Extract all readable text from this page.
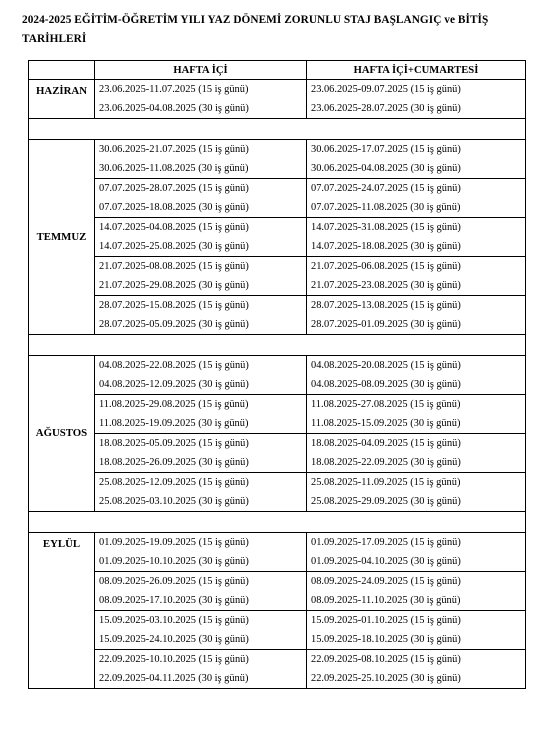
2024-2025 EĞİTİM-ÖĞRETİM YILI YAZ DÖNEMİ ZORUNLU STAJ BAŞLANGIÇ ve BİTİŞ TARİHLERİ
	HAFTA İÇİ	HAFTA İÇİ+CUMARTESİ
HAZİRAN	23.06.2025-11.07.2025 (15 iş günü)	23.06.2025-09.07.2025 (15 iş günü)
	23.06.2025-04.08.2025 (30 iş günü)	23.06.2025-28.07.2025 (30 iş günü)

TEMMUZ	30.06.2025-21.07.2025 (15 iş günü)	30.06.2025-17.07.2025 (15 iş günü)
	30.06.2025-11.08.2025 (30 iş günü)	30.06.2025-04.08.2025 (30 iş günü)
	07.07.2025-28.07.2025 (15 iş günü)	07.07.2025-24.07.2025 (15 iş günü)
	07.07.2025-18.08.2025 (30 iş günü)	07.07.2025-11.08.2025 (30 iş günü)
	14.07.2025-04.08.2025 (15 iş günü)	14.07.2025-31.08.2025 (15 iş günü)
	14.07.2025-25.08.2025 (30 iş günü)	14.07.2025-18.08.2025 (30 iş günü)
	21.07.2025-08.08.2025 (15 iş günü)	21.07.2025-06.08.2025 (15 iş günü)
	21.07.2025-29.08.2025 (30 iş günü)	21.07.2025-23.08.2025 (30 iş günü)
	28.07.2025-15.08.2025 (15 iş günü)	28.07.2025-13.08.2025 (15 iş günü)
	28.07.2025-05.09.2025 (30 iş günü)	28.07.2025-01.09.2025 (30 iş günü)

AĞUSTOS	04.08.2025-22.08.2025 (15 iş günü)	04.08.2025-20.08.2025 (15 iş günü)
	04.08.2025-12.09.2025 (30 iş günü)	04.08.2025-08.09.2025 (30 iş günü)
	11.08.2025-29.08.2025 (15 iş günü)	11.08.2025-27.08.2025 (15 iş günü)
	11.08.2025-19.09.2025 (30 iş günü)	11.08.2025-15.09.2025 (30 iş günü)
	18.08.2025-05.09.2025 (15 iş günü)	18.08.2025-04.09.2025 (15 iş günü)
	18.08.2025-26.09.2025 (30 iş günü)	18.08.2025-22.09.2025 (30 iş günü)
	25.08.2025-12.09.2025 (15 iş günü)	25.08.2025-11.09.2025 (15 iş günü)
	25.08.2025-03.10.2025 (30 iş günü)	25.08.2025-29.09.2025 (30 iş günü)

EYLÜL	01.09.2025-19.09.2025 (15 iş günü)	01.09.2025-17.09.2025 (15 iş günü)
	01.09.2025-10.10.2025 (30 iş günü)	01.09.2025-04.10.2025 (30 iş günü)
	08.09.2025-26.09.2025 (15 iş günü)	08.09.2025-24.09.2025 (15 iş günü)
	08.09.2025-17.10.2025 (30 iş günü)	08.09.2025-11.10.2025 (30 iş günü)
	15.09.2025-03.10.2025 (15 iş günü)	15.09.2025-01.10.2025 (15 iş günü)
	15.09.2025-24.10.2025 (30 iş günü)	15.09.2025-18.10.2025 (30 iş günü)
	22.09.2025-10.10.2025 (15 iş günü)	22.09.2025-08.10.2025 (15 iş günü)
	22.09.2025-04.11.2025 (30 iş günü)	22.09.2025-25.10.2025 (30 iş günü)
